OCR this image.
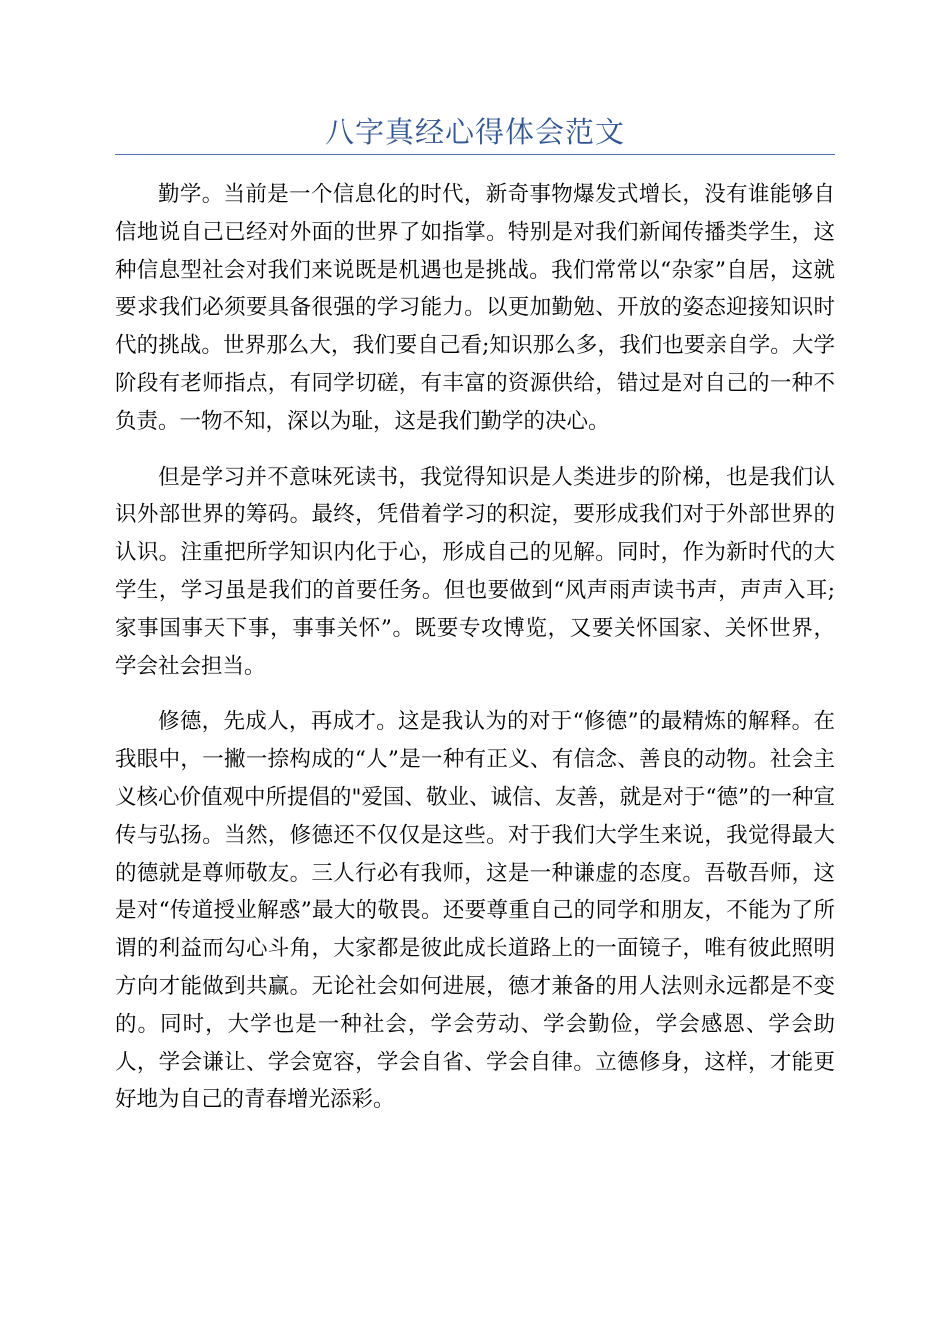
八字真经心得体会范文

勤学。当前是一个信息化的时代，新奇事物爆发式增长，没有谁能够自信地说自己已经对外面的世界了如指掌。特别是对我们新闻传播类学生，这种信息型社会对我们来说既是机遇也是挑战。我们常常以“杂家”自居，这就要求我们必须要具备很强的学习能力。以更加勤勉、开放的姿态迎接知识时代的挑战。世界那么大，我们要自己看;知识那么多，我们也要亲自学。大学阶段有老师指点，有同学切磋，有丰富的资源供给，错过是对自己的一种不负责。一物不知，深以为耻，这是我们勤学的决心。

但是学习并不意味死读书，我觉得知识是人类进步的阶梯，也是我们认识外部世界的筹码。最终，凭借着学习的积淀，要形成我们对于外部世界的认识。注重把所学知识内化于心，形成自己的见解。同时，作为新时代的大学生，学习虽是我们的首要任务。但也要做到“风声雨声读书声，声声入耳;家事国事天下事，事事关怀”。既要专攻博览，又要关怀国家、关怀世界，学会社会担当。

修德，先成人，再成才。这是我认为的对于“修德”的最精炼的解释。在我眼中，一撇一捺构成的“人”是一种有正义、有信念、善良的动物。社会主义核心价值观中所提倡的"爱国、敬业、诚信、友善，就是对于“德”的一种宣传与弘扬。当然，修德还不仅仅是这些。对于我们大学生来说，我觉得最大的德就是尊师敬友。三人行必有我师，这是一种谦虚的态度。吾敬吾师，这是对“传道授业解惑”最大的敬畏。还要尊重自己的同学和朋友，不能为了所谓的利益而勾心斗角，大家都是彼此成长道路上的一面镜子，唯有彼此照明方向才能做到共赢。无论社会如何进展，德才兼备的用人法则永远都是不变的。同时，大学也是一种社会，学会劳动、学会勤俭，学会感恩、学会助人，学会谦让、学会宽容，学会自省、学会自律。立德修身，这样，才能更好地为自己的青春增光添彩。
